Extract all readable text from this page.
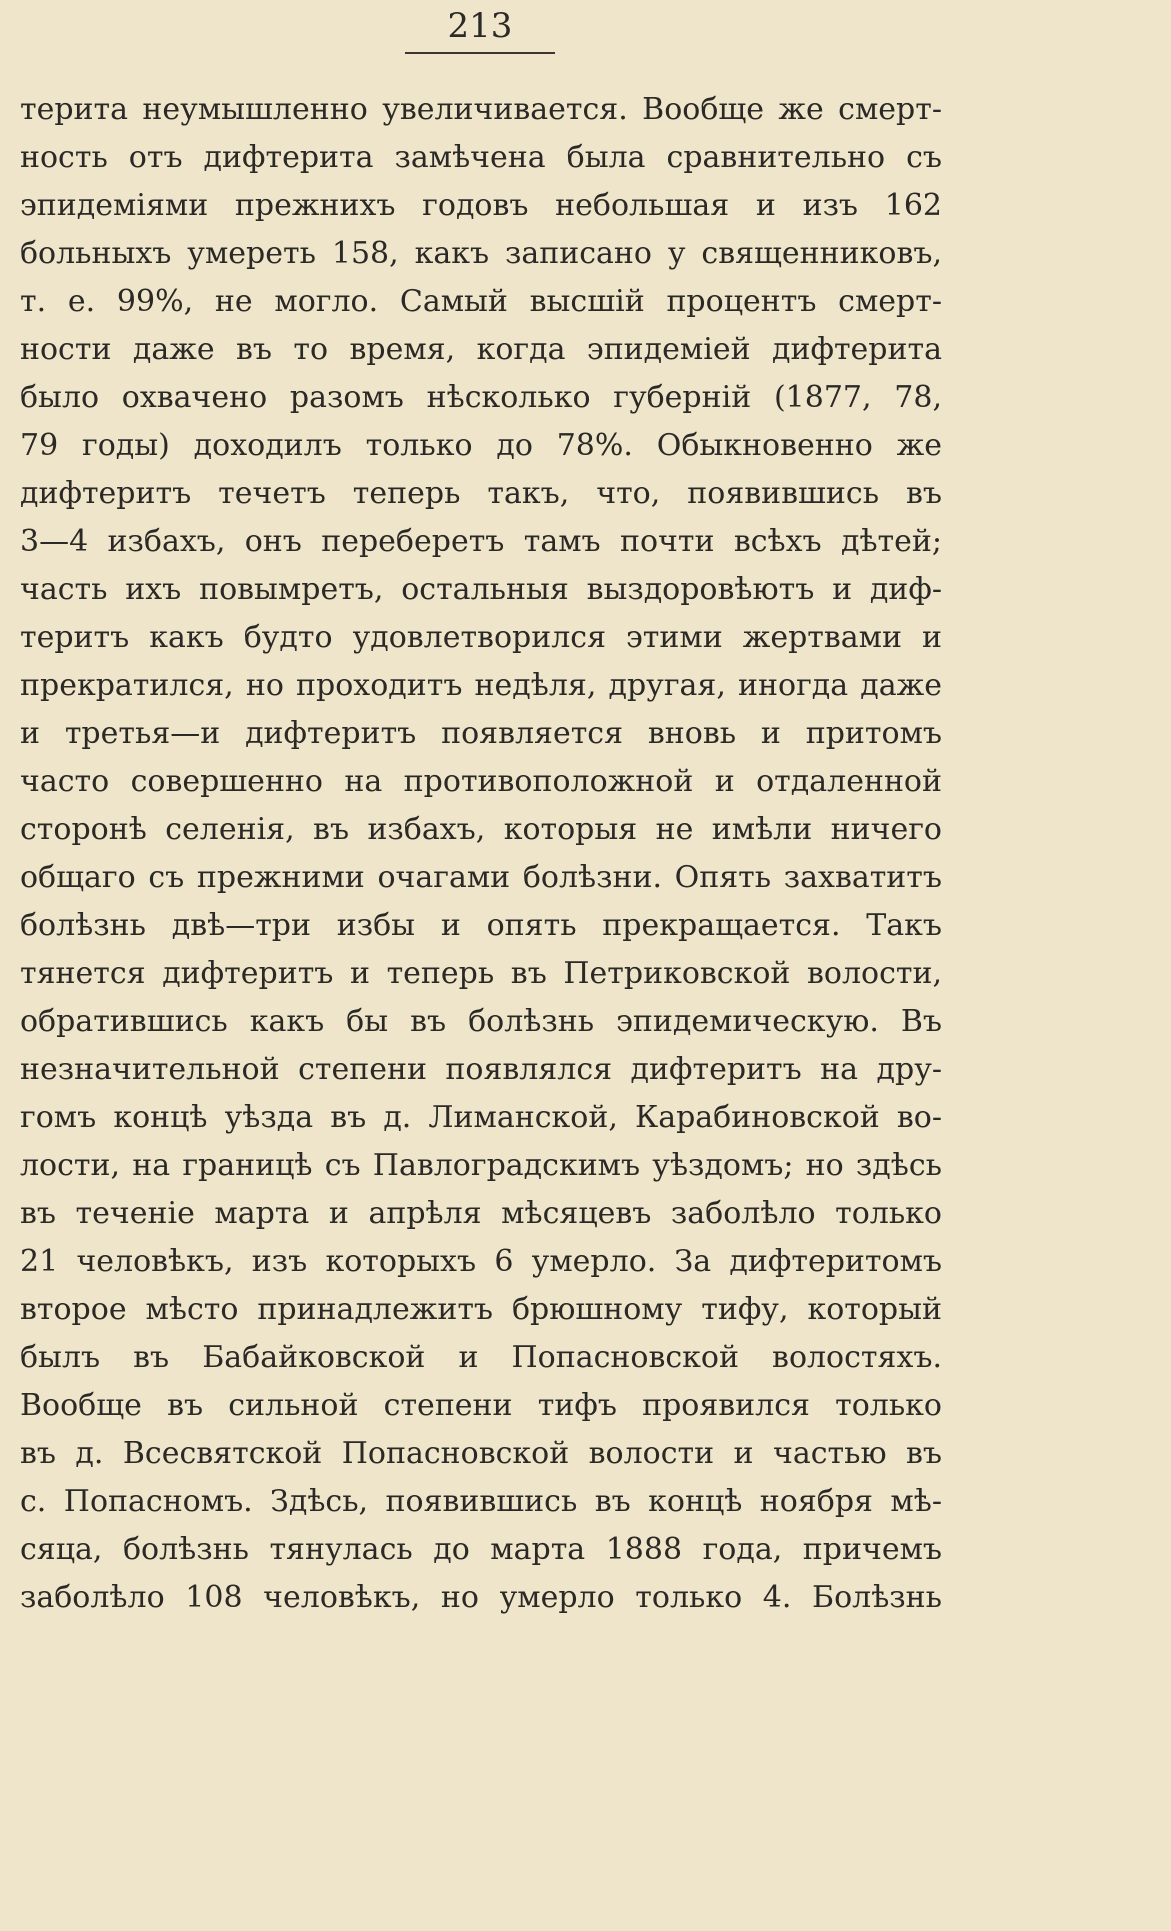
213
терита неумышленно увеличивается. Вообще же смерт-
ность отъ дифтерита замѣчена была сравнительно съ
эпидеміями прежнихъ годовъ небольшая и изъ 162
больныхъ умереть 158, какъ записано у священниковъ,
т. е. 99%, не могло. Самый высшій процентъ смерт-
ности даже въ то время, когда эпидеміей дифтерита
было охвачено разомъ нѣсколько губерній (1877, 78,
79 годы) доходилъ только до 78%. Обыкновенно же
дифтеритъ течетъ теперь такъ, что, появившись въ
3—4 избахъ, онъ переберетъ тамъ почти всѣхъ дѣтей;
часть ихъ повымретъ, остальныя выздоровѣютъ и диф-
теритъ какъ будто удовлетворился этими жертвами и
прекратился, но проходитъ недѣля, другая, иногда даже
и третья—и дифтеритъ появляется вновь и притомъ
часто совершенно на противоположной и отдаленной
сторонѣ селенія, въ избахъ, которыя не имѣли ничего
общаго съ прежними очагами болѣзни. Опять захватитъ
болѣзнь двѣ—три избы и опять прекращается. Такъ
тянется дифтеритъ и теперь въ Петриковской волости,
обратившись какъ бы въ болѣзнь эпидемическую. Въ
незначительной степени появлялся дифтеритъ на дру-
гомъ концѣ уѣзда въ д. Лиманской, Карабиновской во-
лости, на границѣ съ Павлоградскимъ уѣздомъ; но здѣсь
въ теченіе марта и апрѣля мѣсяцевъ заболѣло только
21 человѣкъ, изъ которыхъ 6 умерло. За дифтеритомъ
второе мѣсто принадлежитъ брюшному тифу, который
былъ въ Бабайковской и Попасновской волостяхъ.
Вообще въ сильной степени тифъ проявился только
въ д. Всесвятской Попасновской волости и частью въ
с. Попасномъ. Здѣсь, появившись въ концѣ ноября мѣ-
сяца, болѣзнь тянулась до марта 1888 года, причемъ
заболѣло 108 человѣкъ, но умерло только 4. Болѣзнь
